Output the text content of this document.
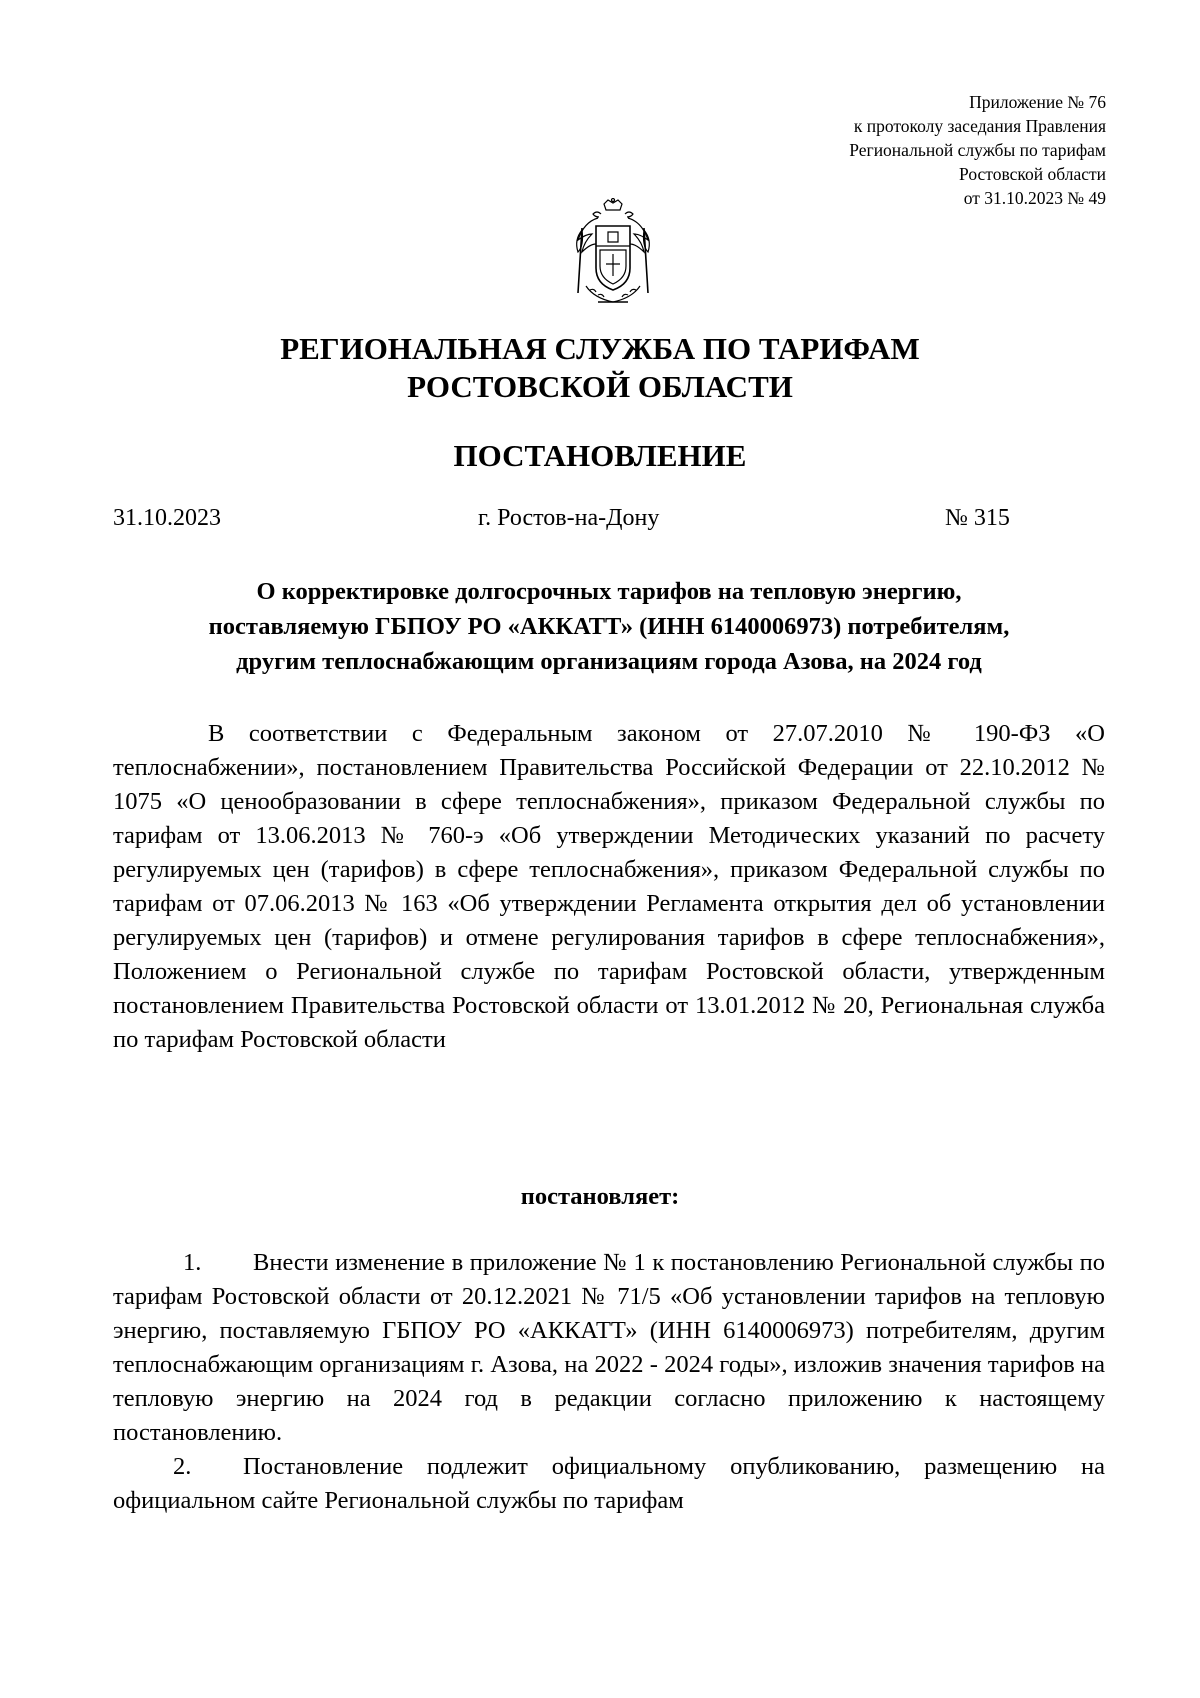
Приложение № 76
к протоколу заседания Правления
Региональной службы по тарифам
Ростовской области
от 31.10.2023 № 49
РЕГИОНАЛЬНАЯ СЛУЖБА ПО ТАРИФАМ
РОСТОВСКОЙ ОБЛАСТИ
ПОСТАНОВЛЕНИЕ
31.10.2023	г. Ростов-на-Дону	№ 315
О корректировке долгосрочных тарифов на тепловую энергию,
поставляемую ГБПОУ РО «АККАТТ» (ИНН 6140006973) потребителям,
другим теплоснабжающим организациям города Азова, на 2024 год
В соответствии с Федеральным законом от 27.07.2010 № 190-ФЗ «О теплоснабжении», постановлением Правительства Российской Федерации от 22.10.2012 № 1075 «О ценообразовании в сфере теплоснабжения», приказом Федеральной службы по тарифам от 13.06.2013 № 760-э «Об утверждении Методических указаний по расчету регулируемых цен (тарифов) в сфере теплоснабжения», приказом Федеральной службы по тарифам от 07.06.2013 № 163 «Об утверждении Регламента открытия дел об установлении регулируемых цен (тарифов) и отмене регулирования тарифов в сфере теплоснабжения», Положением о Региональной службе по тарифам Ростовской области, утвержденным постановлением Правительства Ростовской области от 13.01.2012 № 20, Региональная служба по тарифам Ростовской области
постановляет:
1. Внести изменение в приложение № 1 к постановлению Региональной службы по тарифам Ростовской области от 20.12.2021 № 71/5 «Об установлении тарифов на тепловую энергию, поставляемую ГБПОУ РО «АККАТТ» (ИНН 6140006973) потребителям, другим теплоснабжающим организациям г. Азова, на 2022 - 2024 годы», изложив значения тарифов на тепловую энергию на 2024 год в редакции согласно приложению к настоящему постановлению.
2. Постановление подлежит официальному опубликованию, размещению на официальном сайте Региональной службы по тарифам
